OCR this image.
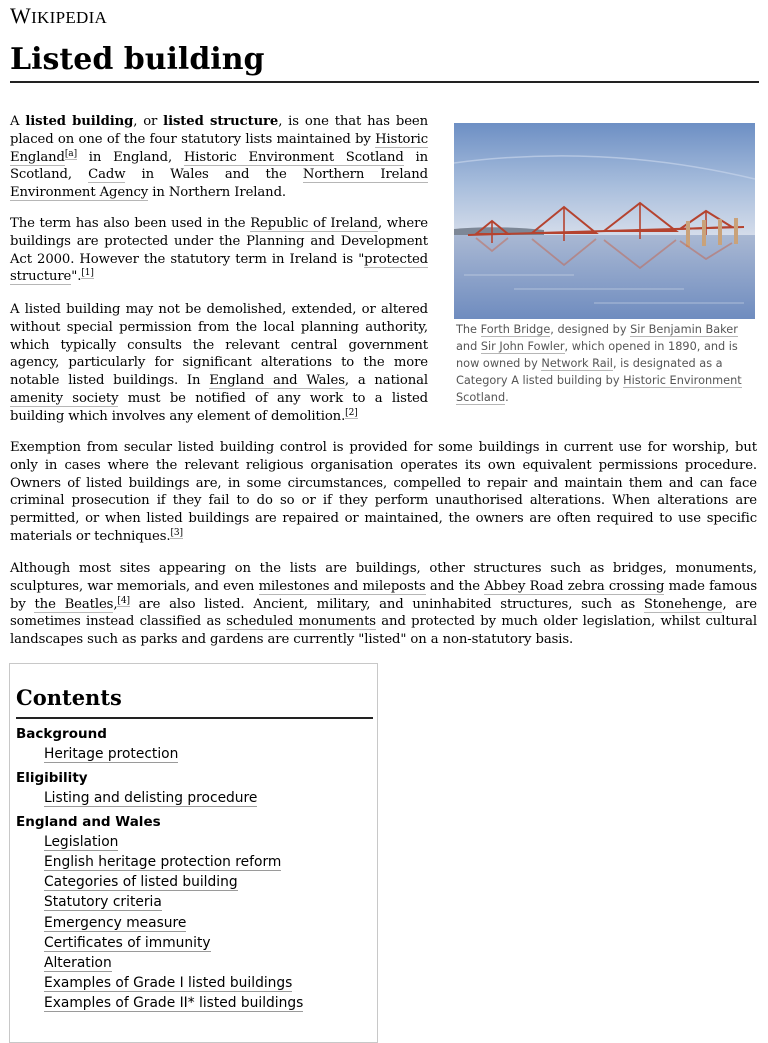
WIKIPEDIA
Listed building

A listed building, or listed structure, is one that has been placed on one of the four statutory lists maintained by Historic England[a] in England, Historic Environment Scotland in Scotland, Cadw in Wales and the Northern Ireland Environment Agency in Northern Ireland.

The term has also been used in the Republic of Ireland, where buildings are protected under the Planning and Development Act 2000. However the statutory term in Ireland is "protected structure".[1]

A listed building may not be demolished, extended, or altered without special permission from the local planning authority, which typically consults the relevant central government agency, particularly for significant alterations to the more notable listed buildings. In England and Wales, a national amenity society must be notified of any work to a listed building which involves any element of demolition.[2]

The Forth Bridge, designed by Sir Benjamin Baker and Sir John Fowler, which opened in 1890, and is now owned by Network Rail, is designated as a Category A listed building by Historic Environment Scotland.

Exemption from secular listed building control is provided for some buildings in current use for worship, but only in cases where the relevant religious organisation operates its own equivalent permissions procedure. Owners of listed buildings are, in some circumstances, compelled to repair and maintain them and can face criminal prosecution if they fail to do so or if they perform unauthorised alterations. When alterations are permitted, or when listed buildings are repaired or maintained, the owners are often required to use specific materials or techniques.[3]

Although most sites appearing on the lists are buildings, other structures such as bridges, monuments, sculptures, war memorials, and even milestones and mileposts and the Abbey Road zebra crossing made famous by the Beatles,[4] are also listed. Ancient, military, and uninhabited structures, such as Stonehenge, are sometimes instead classified as scheduled monuments and protected by much older legislation, whilst cultural landscapes such as parks and gardens are currently "listed" on a non-statutory basis.

Contents
Background
Heritage protection
Eligibility
Listing and delisting procedure
England and Wales
Legislation
English heritage protection reform
Categories of listed building
Statutory criteria
Emergency measure
Certificates of immunity
Alteration
Examples of Grade I listed buildings
Examples of Grade II* listed buildings
